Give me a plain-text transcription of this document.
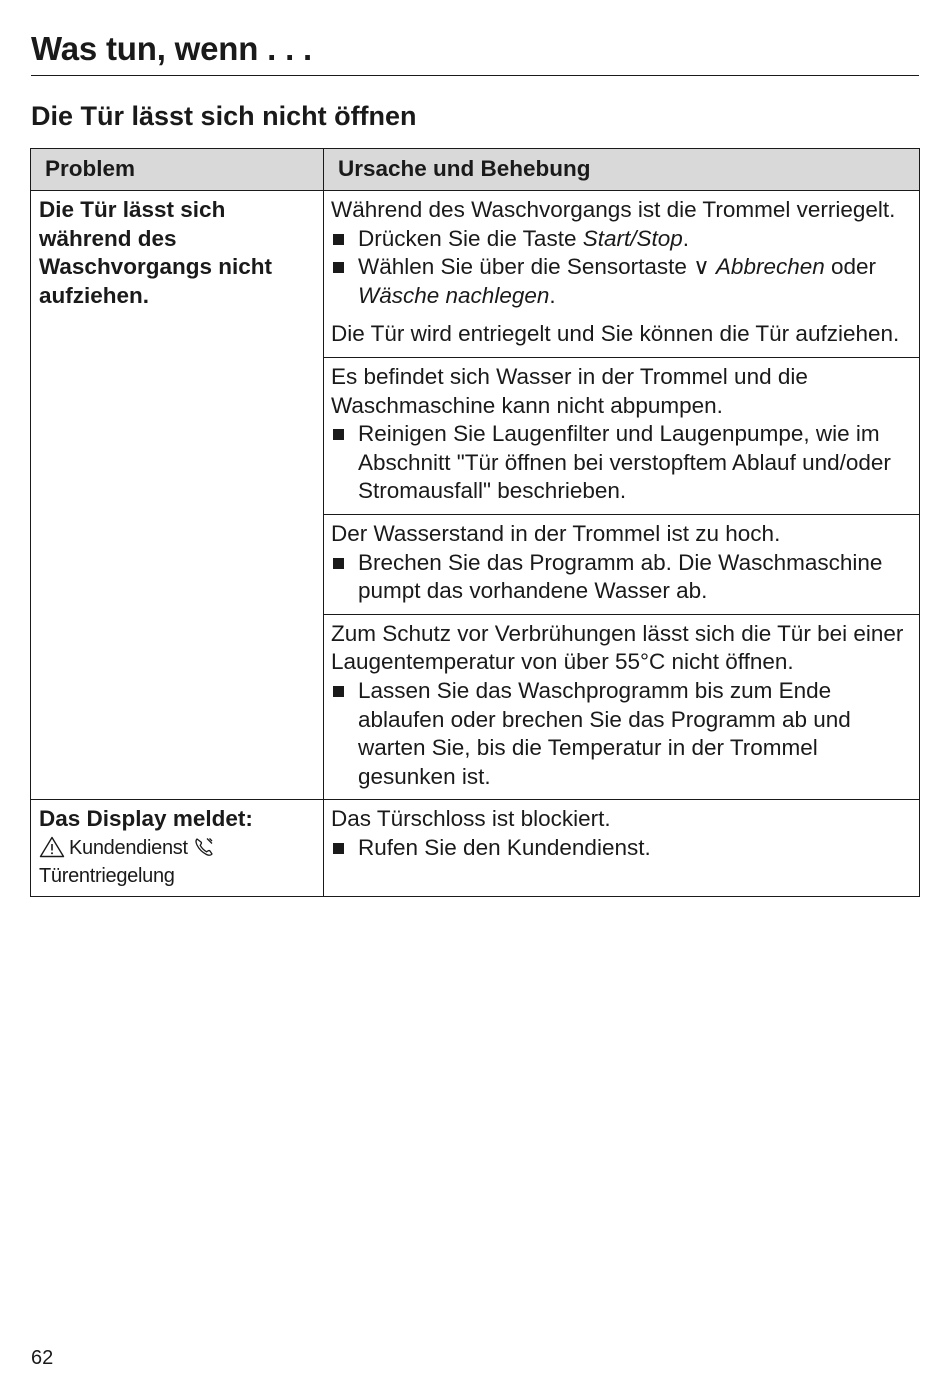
Was tun, wenn . . .
Die Tür lässt sich nicht öffnen
Problem	Ursache und Behebung
Die Tür lässt sich während des Waschvorgangs nicht aufziehen.	Während des Waschvorgangs ist die Trommel verriegelt.
Drücken Sie die Taste Start/Stop.
Wählen Sie über die Sensortaste ∨ Abbrechen oder Wäsche nachlegen.
Die Tür wird entriegelt und Sie können die Tür aufziehen.

	Es befindet sich Wasser in der Trommel und die Waschmaschine kann nicht abpumpen.
Reinigen Sie Laugenfilter und Laugenpumpe, wie im Abschnitt "Tür öffnen bei verstopftem Ablauf und/oder Stromausfall" beschrieben.

	Der Wasserstand in der Trommel ist zu hoch.
Brechen Sie das Programm ab. Die Waschmaschine pumpt das vorhandene Wasser ab.

	Zum Schutz vor Verbrühungen lässt sich die Tür bei einer Laugentemperatur von über 55°C nicht öffnen.
Lassen Sie das Waschprogramm bis zum Ende ablaufen oder brechen Sie das Programm ab und warten Sie, bis die Temperatur in der Trommel gesunken ist.

Das Display meldet:
Kundendienst
Türentriegelung	Das Türschloss ist blockiert.
Rufen Sie den Kundendienst.
62
